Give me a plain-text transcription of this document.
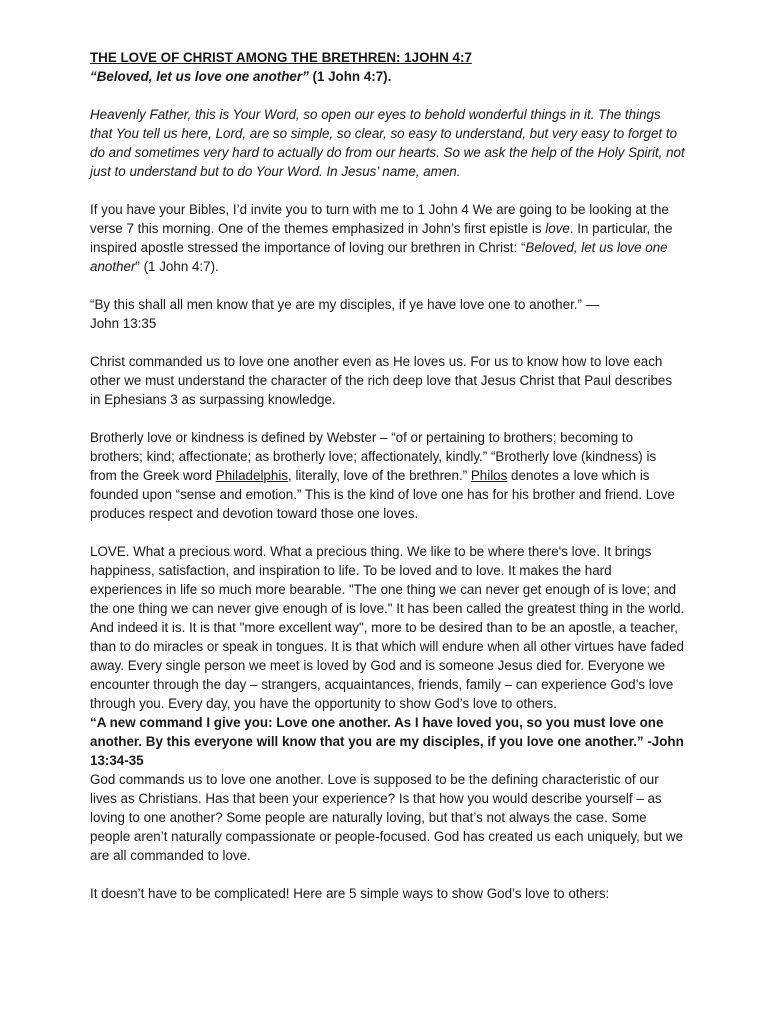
THE LOVE OF CHRIST AMONG THE BRETHREN: 1JOHN 4:7

“Beloved, let us love one another” (1 John 4:7).

Heavenly Father, this is Your Word, so open our eyes to behold wonderful things in it. The things that You tell us here, Lord, are so simple, so clear, so easy to understand, but very easy to forget to do and sometimes very hard to actually do from our hearts. So we ask the help of the Holy Spirit, not just to understand but to do Your Word. In Jesus’ name, amen.

If you have your Bibles, I’d invite you to turn with me to 1 John 4 We are going to be looking at the verse 7 this morning. One of the themes emphasized in John’s first epistle is love. In particular, the inspired apostle stressed the importance of loving our brethren in Christ: “Beloved, let us love one another” (1 John 4:7).

“By this shall all men know that ye are my disciples, if ye have love one to another.” —
John 13:35

Christ commanded us to love one another even as He loves us. For us to know how to love each other we must understand the character of the rich deep love that Jesus Christ that Paul describes in Ephesians 3 as surpassing knowledge.

Brotherly love or kindness is defined by Webster – “of or pertaining to brothers; becoming to brothers; kind; affectionate; as brotherly love; affectionately, kindly.” “Brotherly love (kindness) is from the Greek word Philadelphis, literally, love of the brethren.” Philos denotes a love which is founded upon “sense and emotion.” This is the kind of love one has for his brother and friend. Love produces respect and devotion toward those one loves.

LOVE. What a precious word. What a precious thing. We like to be where there's love. It brings happiness, satisfaction, and inspiration to life. To be loved and to love. It makes the hard experiences in life so much more bearable. "The one thing we can never get enough of is love; and the one thing we can never give enough of is love." It has been called the greatest thing in the world. And indeed it is. It is that "more excellent way", more to be desired than to be an apostle, a teacher, than to do miracles or speak in tongues. It is that which will endure when all other virtues have faded away. Every single person we meet is loved by God and is someone Jesus died for. Everyone we encounter through the day – strangers, acquaintances, friends, family – can experience God’s love through you. Every day, you have the opportunity to show God’s love to others.

“A new command I give you: Love one another. As I have loved you, so you must love one another. By this everyone will know that you are my disciples, if you love one another.” -John 13:34-35

God commands us to love one another. Love is supposed to be the defining characteristic of our lives as Christians. Has that been your experience? Is that how you would describe yourself – as loving to one another? Some people are naturally loving, but that’s not always the case. Some people aren’t naturally compassionate or people-focused. God has created us each uniquely, but we are all commanded to love.

It doesn’t have to be complicated! Here are 5 simple ways to show God’s love to others:
